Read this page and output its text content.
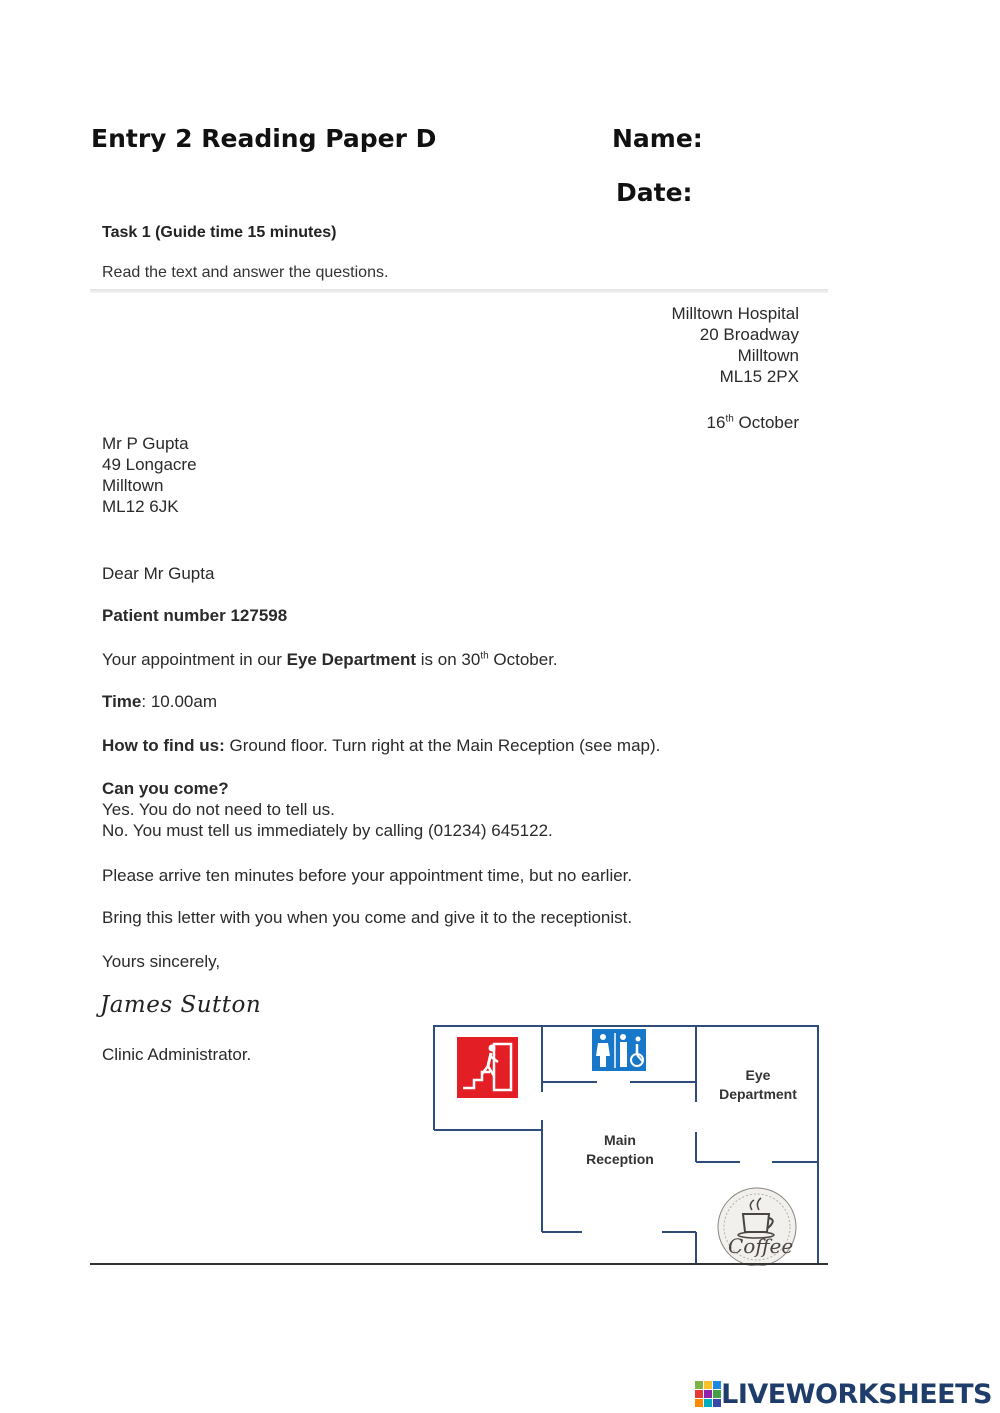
Entry 2 Reading Paper D	Name:
Date:
Task 1 (Guide time 15 minutes)
Read the text and answer the questions.
Milltown Hospital
20 Broadway
Milltown
ML15 2PX
16th October
Mr P Gupta
49 Longacre
Milltown
ML12 6JK
Dear Mr Gupta
Patient number 127598
Your appointment in our Eye Department is on 30th October.
Time: 10.00am
How to find us: Ground floor. Turn right at the Main Reception (see map).
Can you come?
Yes. You do not need to tell us.
No. You must tell us immediately by calling (01234) 645122.
Please arrive ten minutes before your appointment time, but no earlier.
Bring this letter with you when you come and give it to the receptionist.
Yours sincerely,
James Sutton
Clinic Administrator.
Eye
Department
Main
Reception
Coffee
LIVEWORKSHEETS
